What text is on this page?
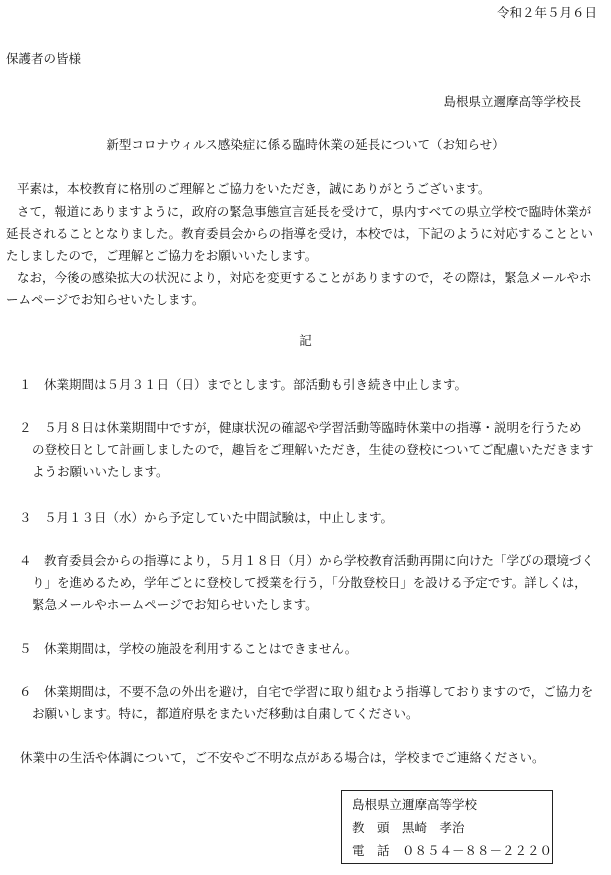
令和２年５月６日
保護者の皆様
島根県立邇摩高等学校長
新型コロナウィルス感染症に係る臨時休業の延長について（お知らせ）
平素は，本校教育に格別のご理解とご協力をいただき，誠にありがとうございます。
さて，報道にありますように，政府の緊急事態宣言延長を受けて，県内すべての県立学校で臨時休業が
延長されることとなりました。教育委員会からの指導を受け，本校では，下記のように対応することとい
たしましたので，ご理解とご協力をお願いいたします。
なお，今後の感染拡大の状況により，対応を変更することがありますので，その際は，緊急メールやホ
ームページでお知らせいたします。
記
１　休業期間は５月３１日（日）までとします。部活動も引き続き中止します。
２　５月８日は休業期間中ですが，健康状況の確認や学習活動等臨時休業中の指導・説明を行うため
の登校日として計画しましたので，趣旨をご理解いただき，生徒の登校についてご配慮いただきます
ようお願いいたします。
３　５月１３日（水）から予定していた中間試験は，中止します。
４　教育委員会からの指導により，５月１８日（月）から学校教育活動再開に向けた「学びの環境づく
り」を進めるため，学年ごとに登校して授業を行う，「分散登校日」を設ける予定です。詳しくは，
緊急メールやホームページでお知らせいたします。
５　休業期間は，学校の施設を利用することはできません。
６　休業期間は，不要不急の外出を避け，自宅で学習に取り組むよう指導しておりますので，ご協力を
お願いします。特に，都道府県をまたいだ移動は自粛してください。
休業中の生活や体調について，ご不安やご不明な点がある場合は，学校までご連絡ください。
島根県立邇摩高等学校
教　頭　黒崎　孝治
電　話　０８５４－８８－２２２０
